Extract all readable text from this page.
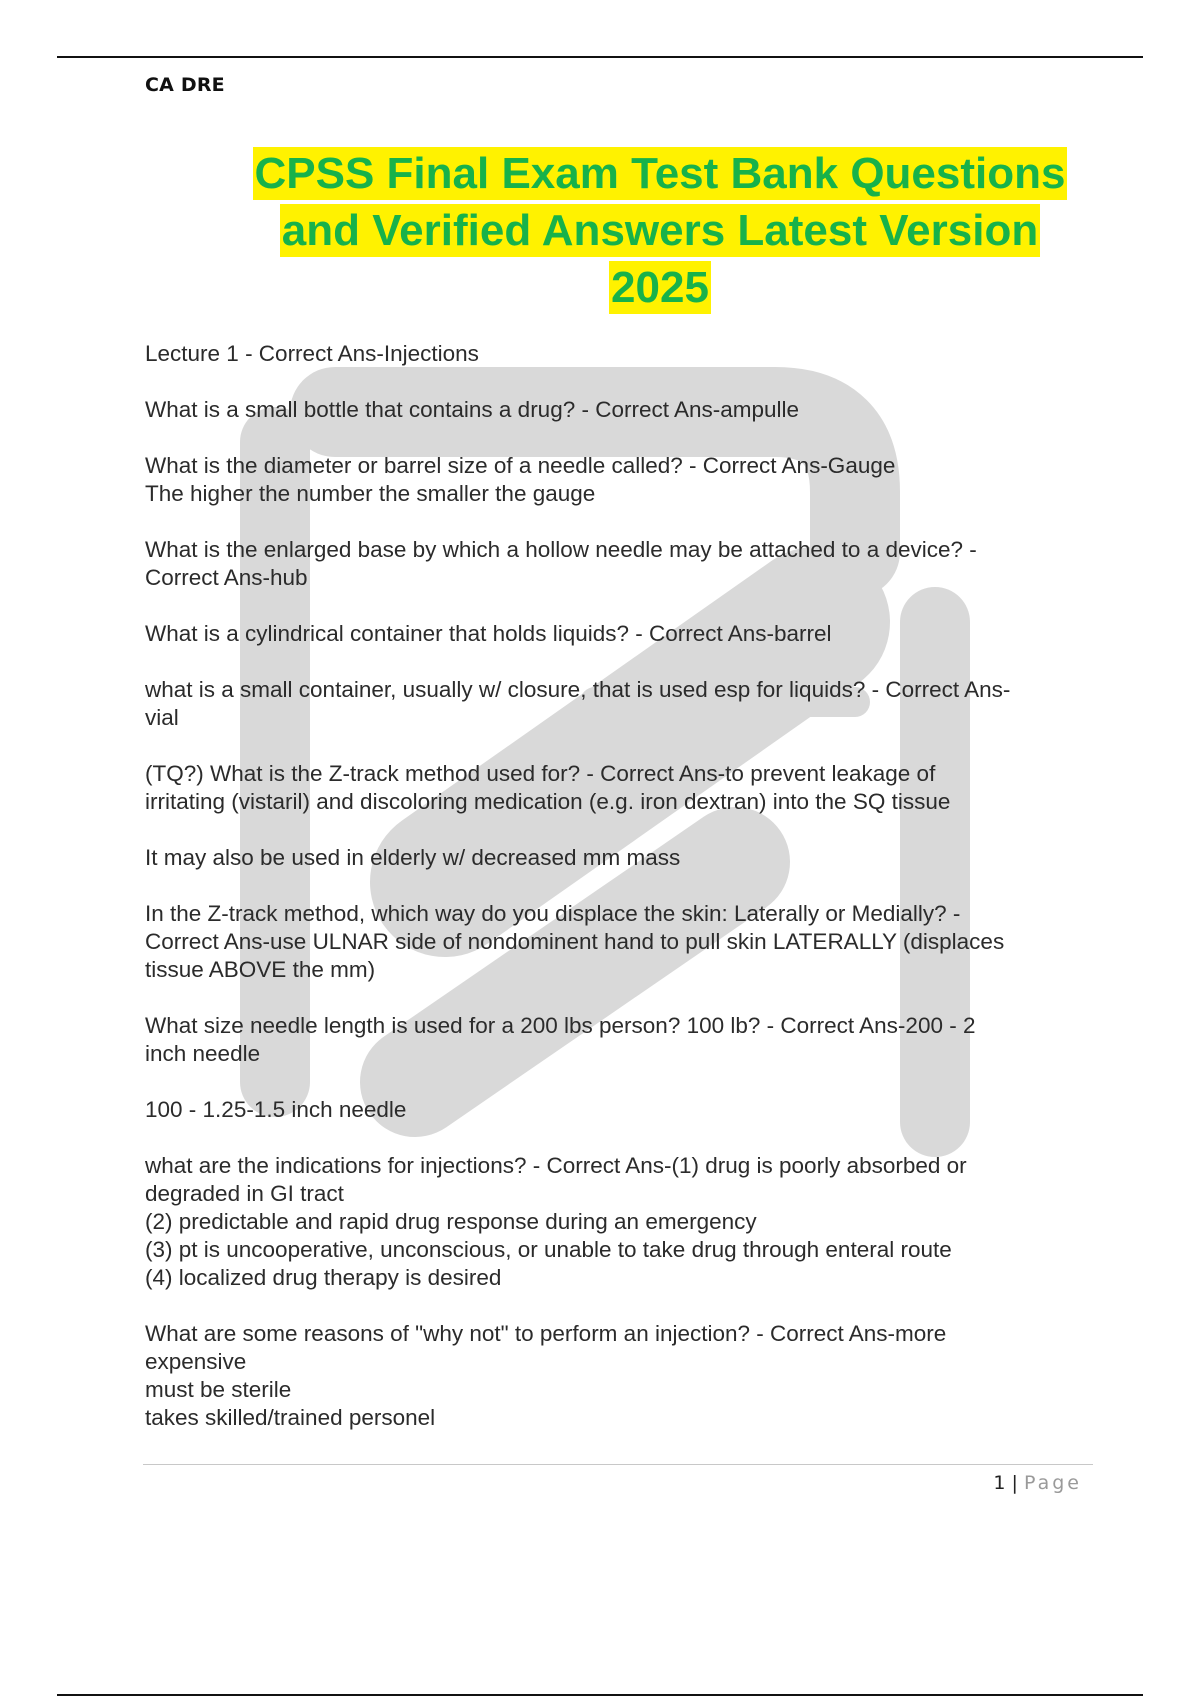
CA DRE
CPSS Final Exam Test Bank Questions
and Verified Answers Latest Version
2025

Lecture 1 - Correct Ans-Injections

What is a small bottle that contains a drug? - Correct Ans-ampulle

What is the diameter or barrel size of a needle called? - Correct Ans-Gauge

The higher the number the smaller the gauge

What is the enlarged base by which a hollow needle may be attached to a device? -

Correct Ans-hub

What is a cylindrical container that holds liquids? - Correct Ans-barrel

what is a small container, usually w/ closure, that is used esp for liquids? - Correct Ans-

vial

(TQ?) What is the Z-track method used for? - Correct Ans-to prevent leakage of

irritating (vistaril) and discoloring medication (e.g. iron dextran) into the SQ tissue

It may also be used in elderly w/ decreased mm mass

In the Z-track method, which way do you displace the skin: Laterally or Medially? -

Correct Ans-use ULNAR side of nondominent hand to pull skin LATERALLY (displaces

tissue ABOVE the mm)

What size needle length is used for a 200 lbs person? 100 lb? - Correct Ans-200 - 2

inch needle

100 - 1.25-1.5 inch needle

what are the indications for injections? - Correct Ans-(1) drug is poorly absorbed or

degraded in GI tract

(2) predictable and rapid drug response during an emergency

(3) pt is uncooperative, unconscious, or unable to take drug through enteral route

(4) localized drug therapy is desired

What are some reasons of "why not" to perform an injection? - Correct Ans-more

expensive

must be sterile

takes skilled/trained personel

1 | Page
